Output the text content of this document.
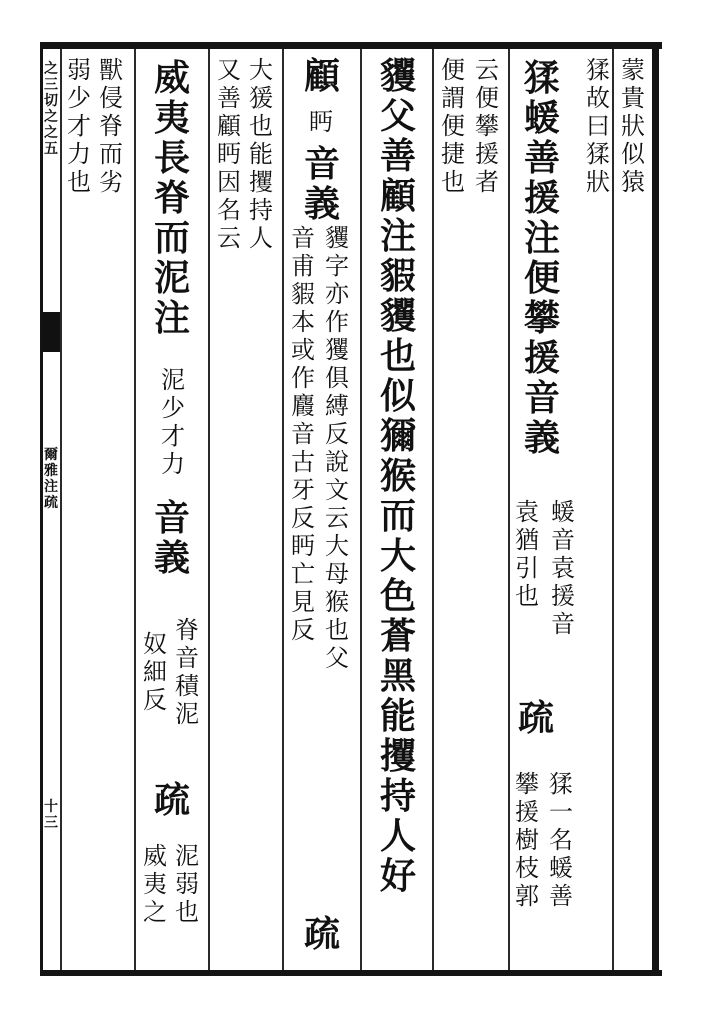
之
三
切
之
之
五
爾
雅
注
疏
十
三
蒙
貴
狀
似
猿
猱
故
曰
猱
狀
猱
蝯
善
援
注
便
攀
援
音
義
蝯
音
袁
援
音
疏
猱
一
名
蝯
善
袁
猶
引
也
攀
援
樹
枝
郭
云
便
攀
援
者
便
謂
便
捷
也
貜
父
善
顧
注
貑
貜
也
似
獮
猴
而
大
色
蒼
黑
能
攫
持
人
好
顧
眄
音
義
貜
字
亦
作
玃
俱
縛
反
說
文
云
大
母
猴
也
父
疏
音
甫
貑
本
或
作
麚
音
古
牙
反
眄
亡
見
反
大
猨
也
能
攫
持
人
又
善
顧
眄
因
名
云
威
夷
長
脊
而
泥
注
泥
少
才
力
音
義
脊
音
積
泥
疏
泥
弱
也
奴
細
反
威
夷
之
獸
侵
脊
而
劣
弱
少
才
力
也
